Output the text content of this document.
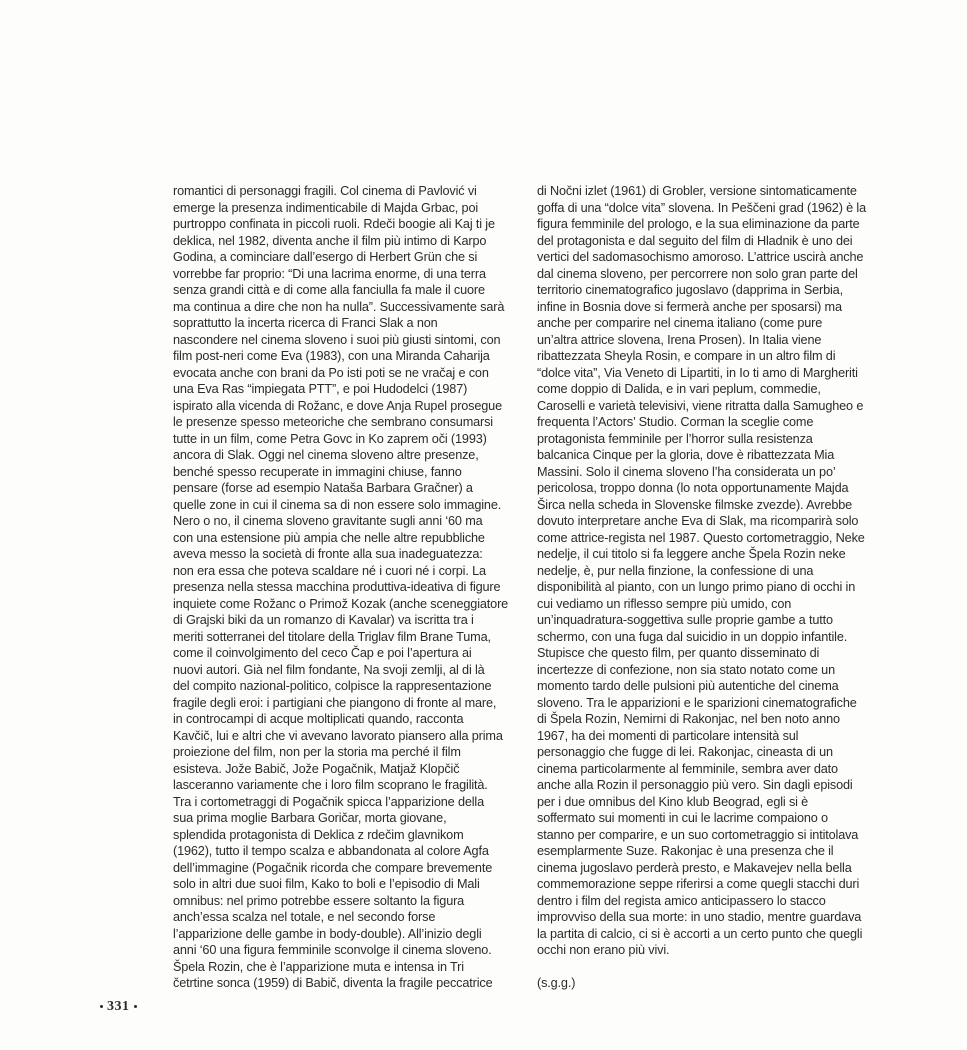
romantici di personaggi fragili. Col cinema di Pavlović vi
emerge la presenza indimenticabile di Majda Grbac, poi
purtroppo confinata in piccoli ruoli. Rdeči boogie ali Kaj ti je
deklica, nel 1982, diventa anche il film più intimo di Karpo
Godina, a cominciare dall’esergo di Herbert Grün che si
vorrebbe far proprio: “Di una lacrima enorme, di una terra
senza grandi città e di come alla fanciulla fa male il cuore
ma continua a dire che non ha nulla”. Successivamente sarà
soprattutto la incerta ricerca di Franci Slak a non
nascondere nel cinema sloveno i suoi più giusti sintomi, con
film post-neri come Eva (1983), con una Miranda Caharija
evocata anche con brani da Po isti poti se ne vračaj e con
una Eva Ras “impiegata PTT”, e poi Hudodelci (1987)
ispirato alla vicenda di Rožanc, e dove Anja Rupel prosegue
le presenze spesso meteoriche che sembrano consumarsi
tutte in un film, come Petra Govc in Ko zaprem oči (1993)
ancora di Slak. Oggi nel cinema sloveno altre presenze,
benché spesso recuperate in immagini chiuse, fanno
pensare (forse ad esempio Nataša Barbara Gračner) a
quelle zone in cui il cinema sa di non essere solo immagine.
Nero o no, il cinema sloveno gravitante sugli anni ‘60 ma
con una estensione più ampia che nelle altre repubbliche
aveva messo la società di fronte alla sua inadeguatezza:
non era essa che poteva scaldare né i cuori né i corpi. La
presenza nella stessa macchina produttiva-ideativa di figure
inquiete come Rožanc o Primož Kozak (anche sceneggiatore
di Grajski biki da un romanzo di Kavalar) va iscritta tra i
meriti sotterranei del titolare della Triglav film Brane Tuma,
come il coinvolgimento del ceco Čap e poi l’apertura ai
nuovi autori. Già nel film fondante, Na svoji zemlji, al di là
del compito nazional-politico, colpisce la rappresentazione
fragile degli eroi: i partigiani che piangono di fronte al mare,
in controcampi di acque moltiplicati quando, racconta
Kavčič, lui e altri che vi avevano lavorato piansero alla prima
proiezione del film, non per la storia ma perché il film
esisteva. Jože Babič, Jože Pogačnik, Matjaž Klopčič
lasceranno variamente che i loro film scoprano le fragilità.
Tra i cortometraggi di Pogačnik spicca l’apparizione della
sua prima moglie Barbara Goričar, morta giovane,
splendida protagonista di Deklica z rdečim glavnikom
(1962), tutto il tempo scalza e abbandonata al colore Agfa
dell’immagine (Pogačnik ricorda che compare brevemente
solo in altri due suoi film, Kako to boli e l’episodio di Mali
omnibus: nel primo potrebbe essere soltanto la figura
anch’essa scalza nel totale, e nel secondo forse
l’apparizione delle gambe in body-double). All’inizio degli
anni ‘60 una figura femminile sconvolge il cinema sloveno.
Špela Rozin, che è l’apparizione muta e intensa in Tri
četrtine sonca (1959) di Babič, diventa la fragile peccatrice
di Nočni izlet (1961) di Grobler, versione sintomaticamente
goffa di una “dolce vita” slovena. In Peščeni grad (1962) è la
figura femminile del prologo, e la sua eliminazione da parte
del protagonista e dal seguito del film di Hladnik è uno dei
vertici del sadomasochismo amoroso. L’attrice uscirà anche
dal cinema sloveno, per percorrere non solo gran parte del
territorio cinematografico jugoslavo (dapprima in Serbia,
infine in Bosnia dove si fermerà anche per sposarsi) ma
anche per comparire nel cinema italiano (come pure
un’altra attrice slovena, Irena Prosen). In Italia viene
ribattezzata Sheyla Rosin, e compare in un altro film di
“dolce vita”, Via Veneto di Lipartiti, in Io ti amo di Margheriti
come doppio di Dalida, e in vari peplum, commedie,
Caroselli e varietà televisivi, viene ritratta dalla Samugheo e
frequenta l’Actors’ Studio. Corman la sceglie come
protagonista femminile per l’horror sulla resistenza
balcanica Cinque per la gloria, dove è ribattezzata Mia
Massini. Solo il cinema sloveno l’ha considerata un po’
pericolosa, troppo donna (lo nota opportunamente Majda
Širca nella scheda in Slovenske filmske zvezde). Avrebbe
dovuto interpretare anche Eva di Slak, ma ricomparirà solo
come attrice-regista nel 1987. Questo cortometraggio, Neke
nedelje, il cui titolo si fa leggere anche Špela Rozin neke
nedelje, è, pur nella finzione, la confessione di una
disponibilità al pianto, con un lungo primo piano di occhi in
cui vediamo un riflesso sempre più umido, con
un’inquadratura-soggettiva sulle proprie gambe a tutto
schermo, con una fuga dal suicidio in un doppio infantile.
Stupisce che questo film, per quanto disseminato di
incertezze di confezione, non sia stato notato come un
momento tardo delle pulsioni più autentiche del cinema
sloveno. Tra le apparizioni e le sparizioni cinematografiche
di Špela Rozin, Nemirni di Rakonjac, nel ben noto anno
1967, ha dei momenti di particolare intensità sul
personaggio che fugge di lei. Rakonjac, cineasta di un
cinema particolarmente al femminile, sembra aver dato
anche alla Rozin il personaggio più vero. Sin dagli episodi
per i due omnibus del Kino klub Beograd, egli si è
soffermato sui momenti in cui le lacrime compaiono o
stanno per comparire, e un suo cortometraggio si intitolava
esemplarmente Suze. Rakonjac è una presenza che il
cinema jugoslavo perderà presto, e Makavejev nella bella
commemorazione seppe riferirsi a come quegli stacchi duri
dentro i film del regista amico anticipassero lo stacco
improvviso della sua morte: in uno stadio, mentre guardava
la partita di calcio, ci si è accorti a un certo punto che quegli
occhi non erano più vivi.
(s.g.g.)
331
